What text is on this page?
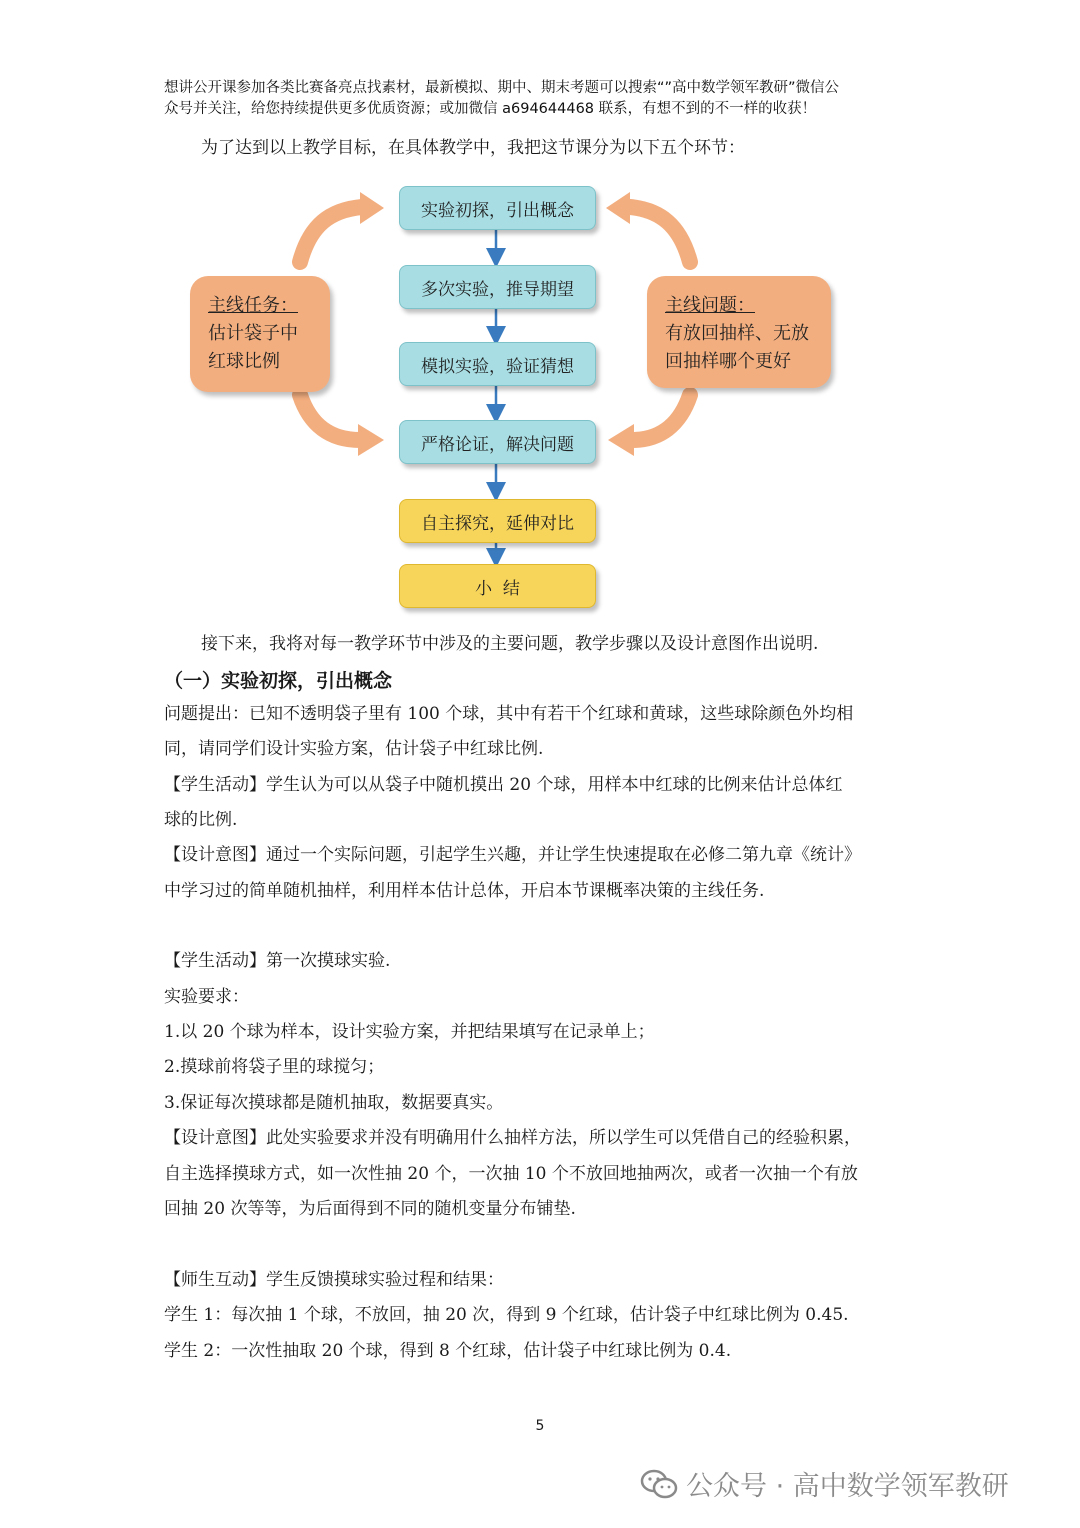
想讲公开课参加各类比赛备亮点找素材，最新模拟、期中、期末考题可以搜索“”高中数学领军教研”微信公
众号并关注，给您持续提供更多优质资源；或加微信 a694644468 联系，有想不到的不一样的收获！
为了达到以上教学目标，在具体教学中，我把这节课分为以下五个环节：
实验初探，引出概念
多次实验，推导期望
模拟实验，验证猜想
严格论证，解决问题
自主探究，延伸对比
小  结
主线任务：
估计袋子中
红球比例
主线问题：
有放回抽样、无放
回抽样哪个更好
接下来，我将对每一教学环节中涉及的主要问题，教学步骤以及设计意图作出说明.
（一）实验初探，引出概念
问题提出：已知不透明袋子里有 100 个球，其中有若干个红球和黄球，这些球除颜色外均相
同，请同学们设计实验方案，估计袋子中红球比例.
【学生活动】学生认为可以从袋子中随机摸出 20 个球，用样本中红球的比例来估计总体红
球的比例.
【设计意图】通过一个实际问题，引起学生兴趣，并让学生快速提取在必修二第九章《统计》
中学习过的简单随机抽样，利用样本估计总体，开启本节课概率决策的主线任务.
【学生活动】第一次摸球实验.
实验要求：
1.以 20 个球为样本，设计实验方案，并把结果填写在记录单上；
2.摸球前将袋子里的球搅匀；
3.保证每次摸球都是随机抽取，数据要真实。
【设计意图】此处实验要求并没有明确用什么抽样方法，所以学生可以凭借自己的经验积累，
自主选择摸球方式，如一次性抽 20 个，一次抽 10 个不放回地抽两次，或者一次抽一个有放
回抽 20 次等等，为后面得到不同的随机变量分布铺垫.
【师生互动】学生反馈摸球实验过程和结果：
学生 1：每次抽 1 个球，不放回，抽 20 次，得到 9 个红球，估计袋子中红球比例为 0.45.
学生 2：一次性抽取 20 个球，得到 8 个红球，估计袋子中红球比例为 0.4.
5
公众号 · 高中数学领军教研
